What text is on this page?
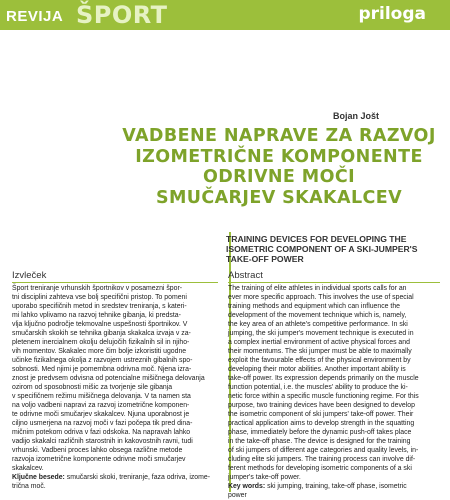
REVIJA ŠPORT	priloga
Bojan Jošt
VADBENE NAPRAVE ZA RAZVOJ
IZOMETRIČNE KOMPONENTE
ODRIVNE MOČI
SMUČARJEV SKAKALCEV
TRAINING DEVICES FOR DEVELOPING THE
ISOMETRIC COMPONENT OF A SKI-JUMPER'S
TAKE-OFF POWER
Izvleček	Abstract
Šport treniranje vrhunskih športnikov v posamezni špor-
tni disciplini zahteva vse bolj specifični pristop. To pomeni
uporabo specifičnih metod in sredstev treniranja, s kateri-
mi lahko vplivamo na razvoj tehnike gibanja, ki predsta-
vlja ključno področje tekmovalne uspešnosti športnikov. V
smučarskih skokih se tehnika gibanja skakalca izvaja v za-
pletenem inercialnem okolju delujočih fizikalnih sil in njiho-
vih momentov. Skakalec more čim bolje izkoristiti ugodne
učinke fizikalnega okolja z razvojem ustreznih gibalnih spo-
sobnosti. Med njimi je pomembna odrivna moč. Njena izra-
znost je predvsem odvisna od potencialne mišičnega delovanja
ozirom od sposobnosti mišic za tvorjenje sile gibanja
v specifičnem režimu mišičnega delovanja. V ta namen sta
na voljo vadbeni napravi za razvoj izometrične komponen-
te odrivne moči smučarjev skakalcev. Njuna uporabnost je
ciljno usmerjena na razvoj moči v fazi počepa tik pred dina-
mičnim potekom odriva v fazi odskoka. Na napravah lahko
vadijo skakalci različnih starostnih in kakovostnih ravni, tudi
vrhunski. Vadbeni proces lahko obsega različne metode
razvoja izometrične komponente odrivne moči smučarjev
skakalcev.
Ključne besede: smučarski skoki, treniranje, faza odriva, izome-
trična moč.
The training of elite athletes in individual sports calls for an
ever more specific approach. This involves the use of special
training methods and equipment which can influence the
development of the movement technique which is, namely,
the key area of an athlete's competitive performance. In ski
jumping, the ski jumper's movement technique is executed in
a complex inertial environment of active physical forces and
their momentums. The ski jumper must be able to maximally
exploit the favourable effects of the physical environment by
developing their motor abilities. Another important ability is
take-off power. Its expression depends primarily on the muscle
function potential, i.e. the muscles' ability to produce the ki-
netic force within a specific muscle functioning regime. For this
purpose, two training devices have been designed to develop
the isometric component of ski jumpers' take-off power. Their
practical application aims to develop strength in the squatting
phase, immediately before the dynamic push-off takes place
in the take-off phase. The device is designed for the training
of ski jumpers of different age categories and quality levels, in-
cluding elite ski jumpers. The training process can involve dif-
ferent methods for developing isometric components of a ski
jumper's take-off power.
Key words: ski jumping, training, take-off phase, isometric
power
